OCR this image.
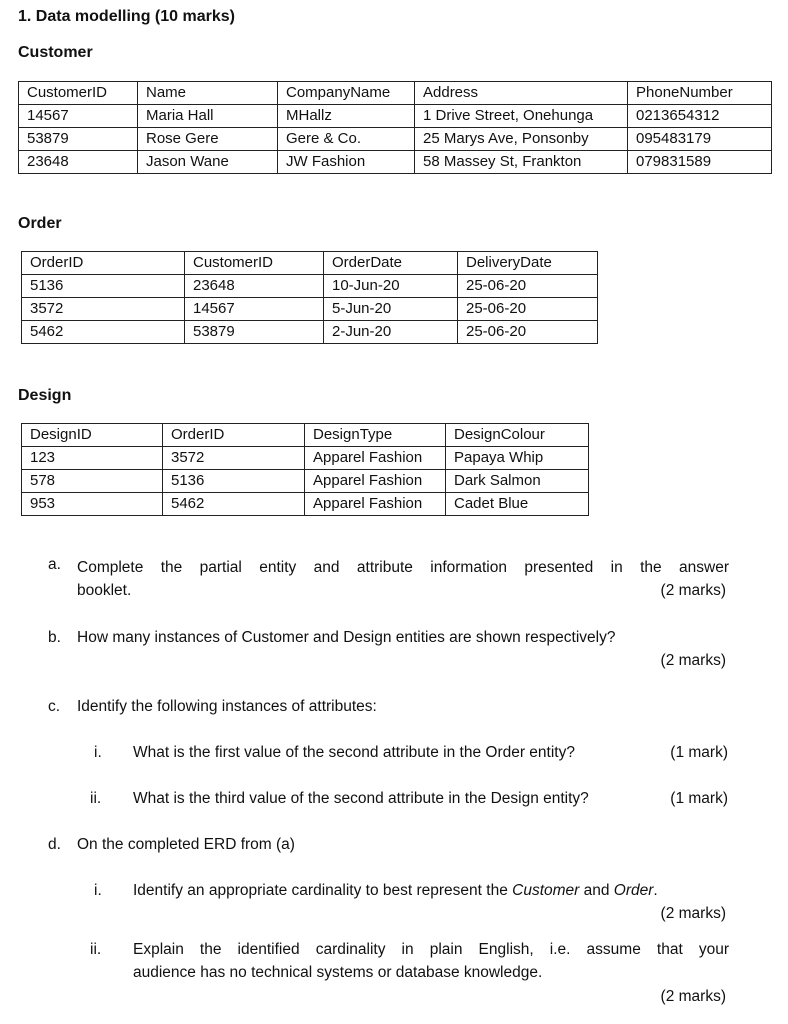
1. Data modelling (10 marks)
Customer
CustomerID	Name	CompanyName	Address	PhoneNumber
14567	Maria Hall	MHallz	1 Drive Street, Onehunga	0213654312
53879	Rose Gere	Gere & Co.	25 Marys Ave, Ponsonby	095483179
23648	Jason Wane	JW Fashion	58 Massey St, Frankton	079831589
Order
OrderID	CustomerID	OrderDate	DeliveryDate
5136	23648	10-Jun-20	25-06-20
3572	14567	5-Jun-20	25-06-20
5462	53879	2-Jun-20	25-06-20
Design
DesignID	OrderID	DesignType	DesignColour
123	3572	Apparel Fashion	Papaya Whip
578	5136	Apparel Fashion	Dark Salmon
953	5462	Apparel Fashion	Cadet Blue
a. Complete the partial entity and attribute information presented in the answer
booklet.	(2 marks)
b. How many instances of Customer and Design entities are shown respectively?
(2 marks)
c. Identify the following instances of attributes:
i. What is the first value of the second attribute in the Order entity?	(1 mark)
ii. What is the third value of the second attribute in the Design entity?	(1 mark)
d. On the completed ERD from (a)
i. Identify an appropriate cardinality to best represent the Customer and Order.
(2 marks)
ii. Explain the identified cardinality in plain English, i.e. assume that your
audience has no technical systems or database knowledge.
(2 marks)
